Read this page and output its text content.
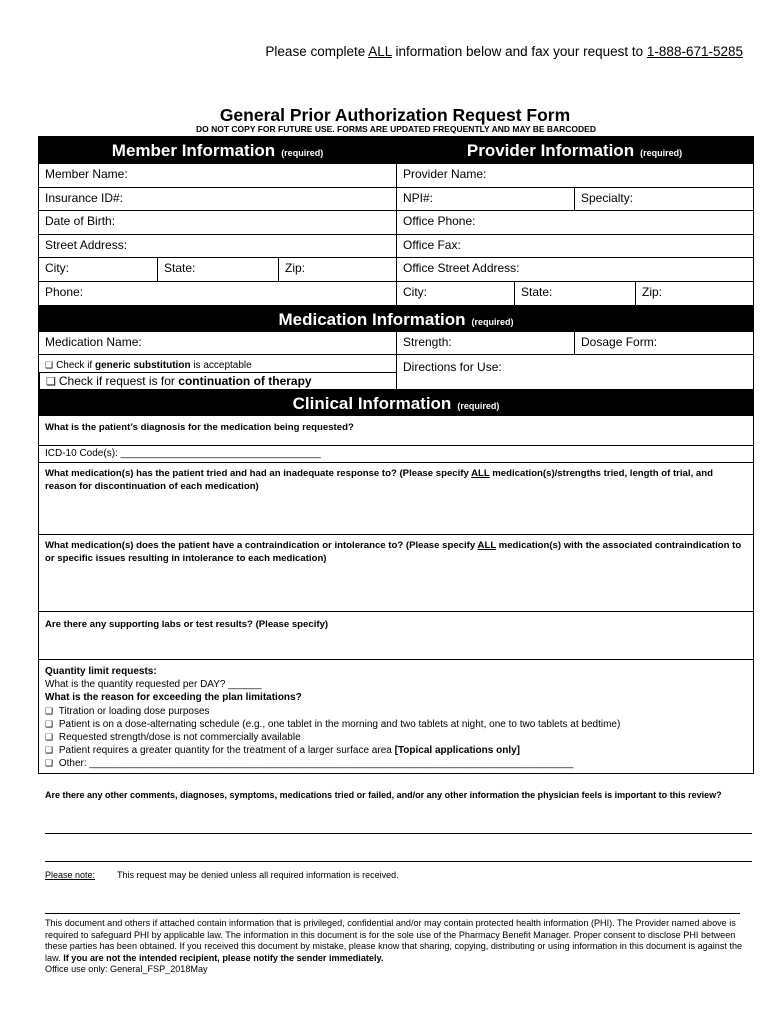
Please complete ALL information below and fax your request to 1-888-671-5285
General Prior Authorization Request Form
DO NOT COPY FOR FUTURE USE. FORMS ARE UPDATED FREQUENTLY AND MAY BE BARCODED
Member Information (required)	Provider Information (required)
Member Name:	Provider Name:
Insurance ID#:	NPI#:	Specialty:
Date of Birth:	Office Phone:
Street Address:	Office Fax:
City:	State:	Zip:	Office Street Address:
Phone:	City:	State:	Zip:
Medication Information (required)
Medication Name:	Strength:	Dosage Form:
❑ Check if generic substitution is acceptable
❑ Check if request is for continuation of therapy
Directions for Use:
Clinical Information (required)
What is the patient’s diagnosis for the medication being requested?
ICD-10 Code(s): ____________________________________
What medication(s) has the patient tried and had an inadequate response to? (Please specify ALL medication(s)/strengths tried, length of trial, and reason for discontinuation of each medication)
What medication(s) does the patient have a contraindication or intolerance to? (Please specify ALL medication(s) with the associated contraindication to or specific issues resulting in intolerance to each medication)
Are there any supporting labs or test results? (Please specify)
Quantity limit requests:
What is the quantity requested per DAY? ______
What is the reason for exceeding the plan limitations?
❑ Titration or loading dose purposes
❑ Patient is on a dose-alternating schedule (e.g., one tablet in the morning and two tablets at night, one to two tablets at bedtime)
❑ Requested strength/dose is not commercially available
❑ Patient requires a greater quantity for the treatment of a larger surface area [Topical applications only]
❑ Other: _______________________________________________________________________________________
Are there any other comments, diagnoses, symptoms, medications tried or failed, and/or any other information the physician feels is important to this review?
Please note: This request may be denied unless all required information is received.
This document and others if attached contain information that is privileged, confidential and/or may contain protected health information (PHI). The Provider named above is required to safeguard PHI by applicable law. The information in this document is for the sole use of the Pharmacy Benefit Manager. Proper consent to disclose PHI between these parties has been obtained. If you received this document by mistake, please know that sharing, copying, distributing or using information in this document is against the law. If you are not the intended recipient, please notify the sender immediately.
Office use only: General_FSP_2018May
